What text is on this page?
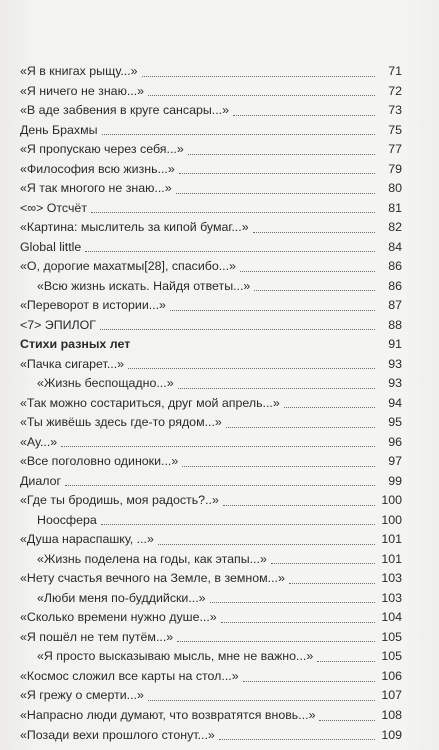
«Я в книгах рыщу...»	71
«Я ничего не знаю...»	72
«В аде забвения в круге сансары...»	73
День Брахмы	75
«Я пропускаю через себя...»	77
«Философия всю жизнь...»	79
«Я так многого не знаю...»	80
<∞> Отсчёт	81
«Картина: мыслитель за кипой бумаг...»	82
Global little	84
«О, дорогие махатмы[28], спасибо...»	86
«Всю жизнь искать. Найдя ответы...»	86
«Переворот в истории...»	87
<7> ЭПИЛОГ	88
Стихи разных лет	91
«Пачка сигарет...»	93
«Жизнь беспощадно...»	93
«Так можно состариться, друг мой апрель...»	94
«Ты живёшь здесь где-то рядом...»	95
«Ау...»	96
«Все поголовно одиноки...»	97
Диалог	99
«Где ты бродишь, моя радость?..»	100
Ноосфера	100
«Душа нараспашку, ...»	101
«Жизнь поделена на годы, как этапы...»	101
«Нету счастья вечного на Земле, в земном...»	103
«Люби меня по-буддийски...»	103
«Сколько времени нужно душе...»	104
«Я пошёл не тем путём...»	105
«Я просто высказываю мысль, мне не важно...»	105
«Космос сложил все карты на стол...»	106
«Я грежу о смерти...»	107
«Напрасно люди думают, что возвратятся вновь...»	108
«Позади вехи прошлого стонут...»	109
